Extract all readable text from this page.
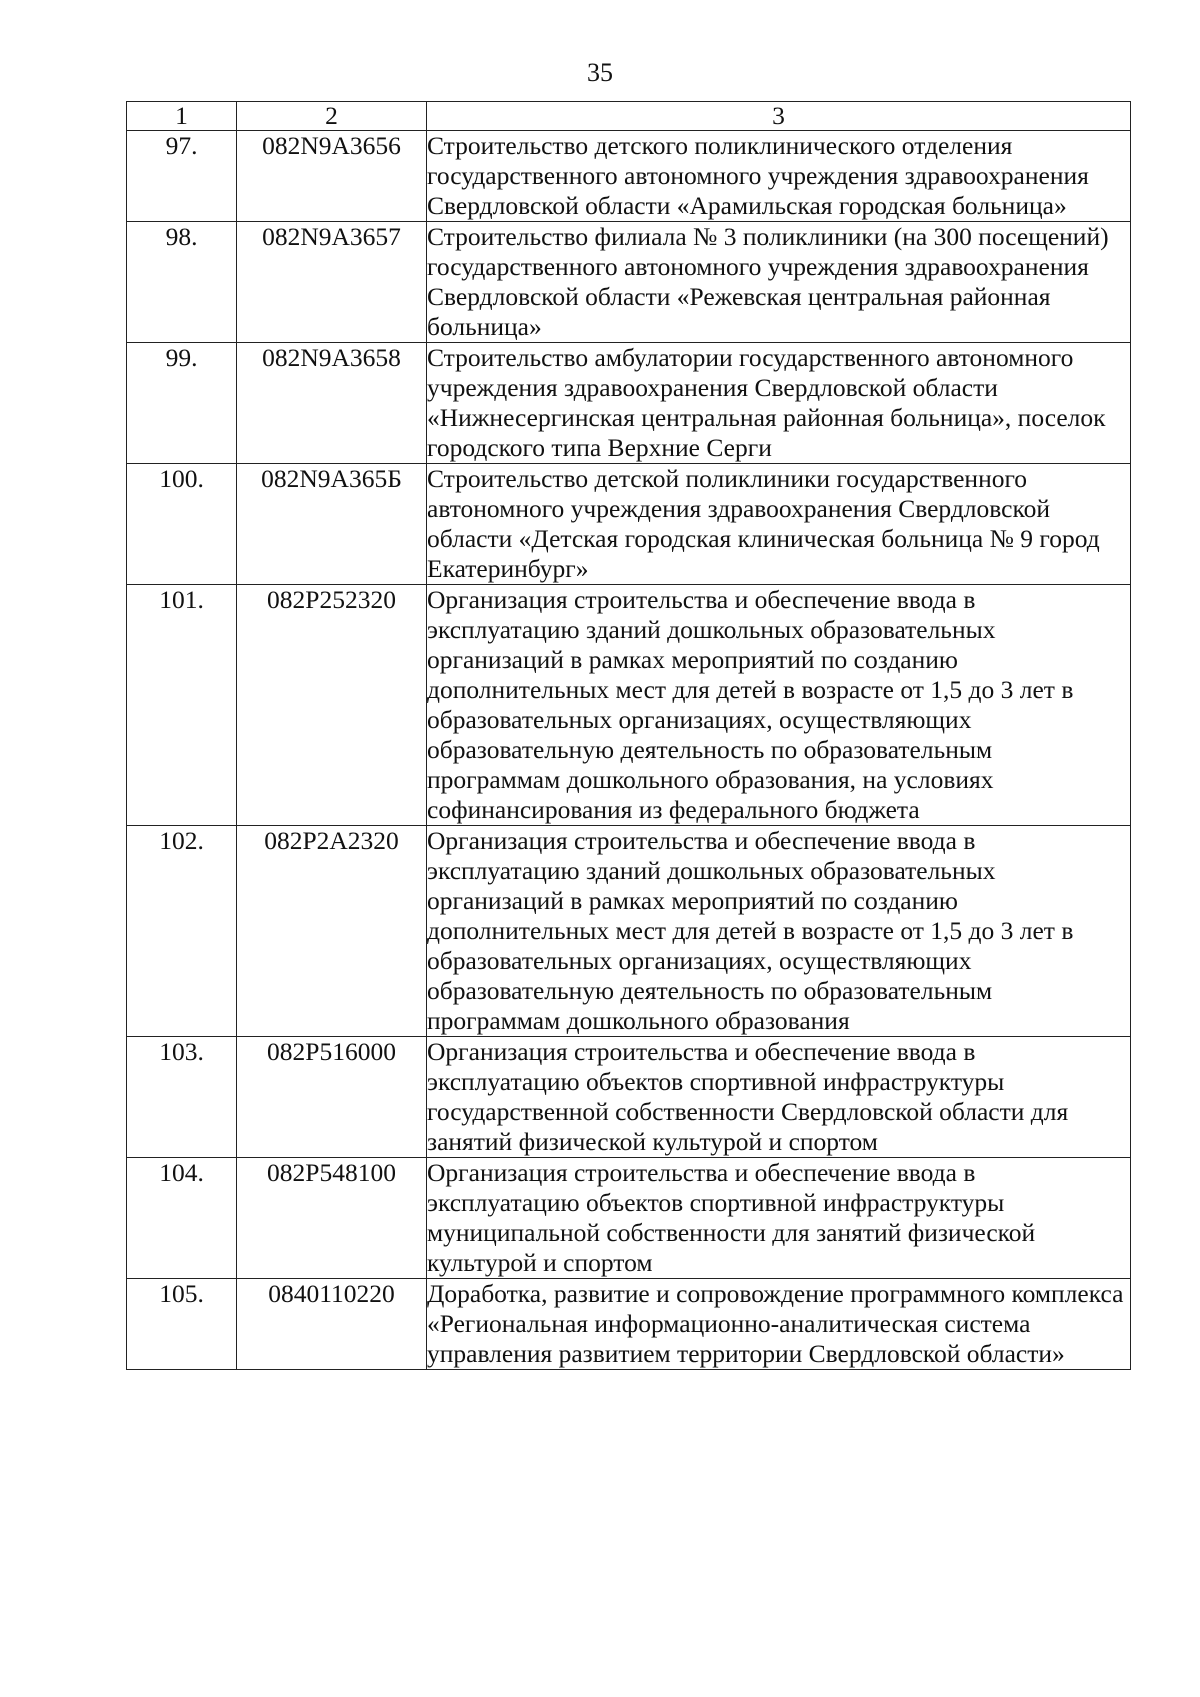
35
1	2	3
97.	082N9A3656	Строительство детского поликлинического отделения государственного автономного учреждения здравоохранения Свердловской области «Арамильская городская больница»
98.	082N9A3657	Строительство филиала № 3 поликлиники (на 300 посещений) государственного автономного учреждения здравоохранения Свердловской области «Режевская центральная районная больница»
99.	082N9A3658	Строительство амбулатории государственного автономного учреждения здравоохранения Свердловской области «Нижнесергинская центральная районная больница», поселок городского типа Верхние Серги
100.	082N9A365Б	Строительство детской поликлиники государственного автономного учреждения здравоохранения Свердловской области «Детская городская клиническая больница № 9 город Екатеринбург»
101.	082P252320	Организация строительства и обеспечение ввода в эксплуатацию зданий дошкольных образовательных организаций в рамках мероприятий по созданию дополнительных мест для детей в возрасте от 1,5 до 3 лет в образовательных организациях, осуществляющих образовательную деятельность по образовательным программам дошкольного образования, на условиях софинансирования из федерального бюджета
102.	082P2A2320	Организация строительства и обеспечение ввода в эксплуатацию зданий дошкольных образовательных организаций в рамках мероприятий по созданию дополнительных мест для детей в возрасте от 1,5 до 3 лет в образовательных организациях, осуществляющих образовательную деятельность по образовательным программам дошкольного образования
103.	082P516000	Организация строительства и обеспечение ввода в эксплуатацию объектов спортивной инфраструктуры государственной собственности Свердловской области для занятий физической культурой и спортом
104.	082P548100	Организация строительства и обеспечение ввода в эксплуатацию объектов спортивной инфраструктуры муниципальной собственности для занятий физической культурой и спортом
105.	0840110220	Доработка, развитие и сопровождение программного комплекса «Региональная информационно-аналитическая система управления развитием территории Свердловской области»
